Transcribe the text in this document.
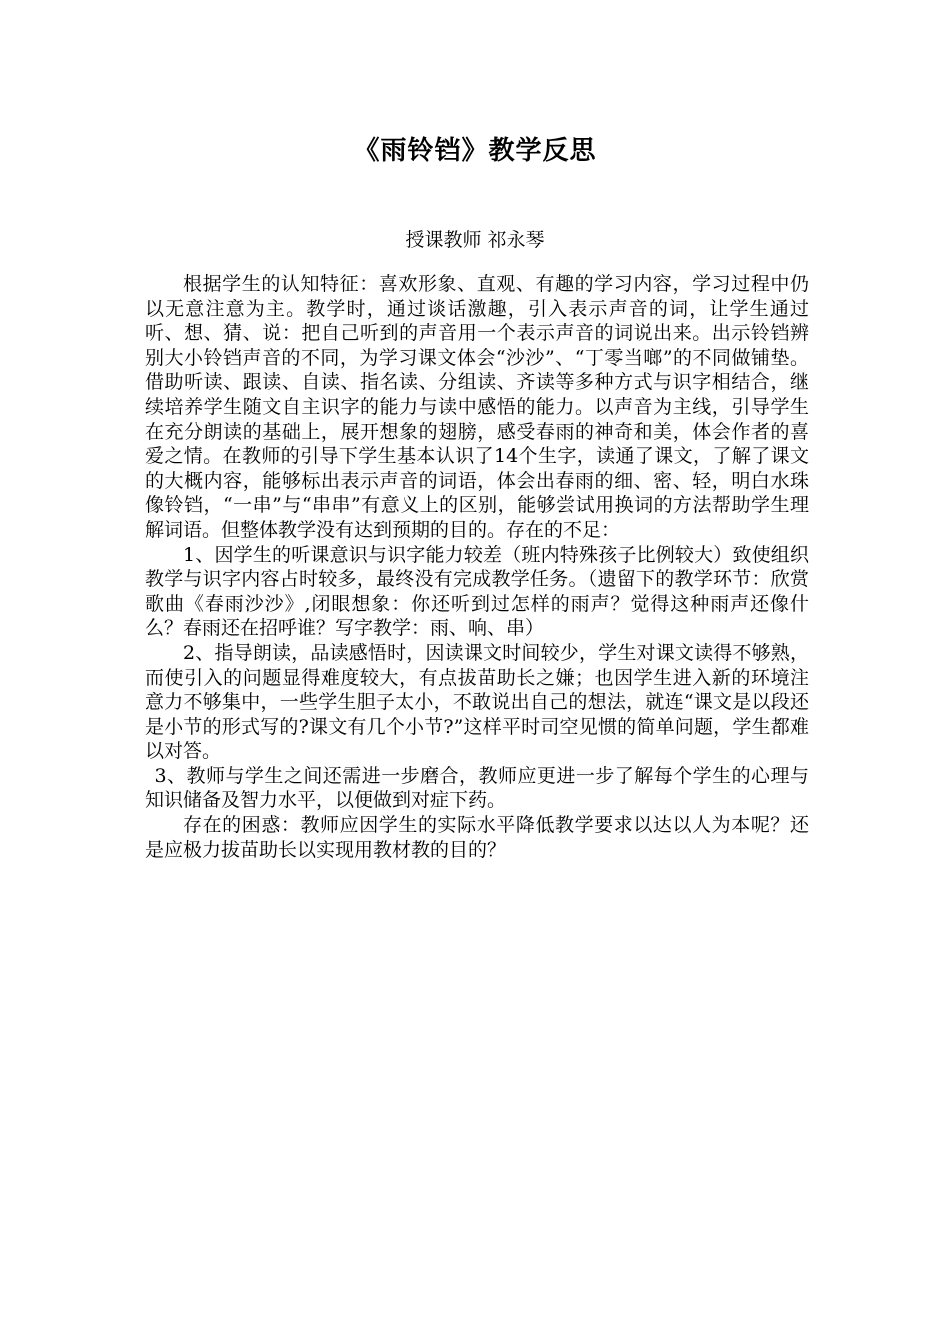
《雨铃铛》教学反思
授课教师 祁永琴

根据学生的认知特征：喜欢形象、直观、有趣的学习内容，学习过程中仍以无意注意为主。教学时，通过谈话激趣，引入表示声音的词，让学生通过听、想、猜、说：把自己听到的声音用一个表示声音的词说出来。出示铃铛辨别大小铃铛声音的不同，为学习课文体会“沙沙”、“丁零当啷”的不同做铺垫。借助听读、跟读、自读、指名读、分组读、齐读等多种方式与识字相结合，继续培养学生随文自主识字的能力与读中感悟的能力。以声音为主线，引导学生在充分朗读的基础上，展开想象的翅膀，感受春雨的神奇和美，体会作者的喜爱之情。在教师的引导下学生基本认识了14个生字，读通了课文，了解了课文的大概内容，能够标出表示声音的词语，体会出春雨的细、密、轻，明白水珠像铃铛，“一串”与“串串”有意义上的区别，能够尝试用换词的方法帮助学生理解词语。但整体教学没有达到预期的目的。存在的不足：

1、因学生的听课意识与识字能力较差（班内特殊孩子比例较大）致使组织教学与识字内容占时较多，最终没有完成教学任务。（遗留下的教学环节：欣赏歌曲《春雨沙沙》,闭眼想象：你还听到过怎样的雨声？觉得这种雨声还像什么？春雨还在招呼谁？写字教学：雨、响、串）

2、指导朗读，品读感悟时，因读课文时间较少，学生对课文读得不够熟，而使引入的问题显得难度较大，有点拔苗助长之嫌；也因学生进入新的环境注意力不够集中，一些学生胆子太小，不敢说出自己的想法，就连“课文是以段还是小节的形式写的?课文有几个小节?”这样平时司空见惯的简单问题，学生都难以对答。

3、教师与学生之间还需进一步磨合，教师应更进一步了解每个学生的心理与知识储备及智力水平，以便做到对症下药。

存在的困惑：教师应因学生的实际水平降低教学要求以达以人为本呢？还是应极力拔苗助长以实现用教材教的目的？
